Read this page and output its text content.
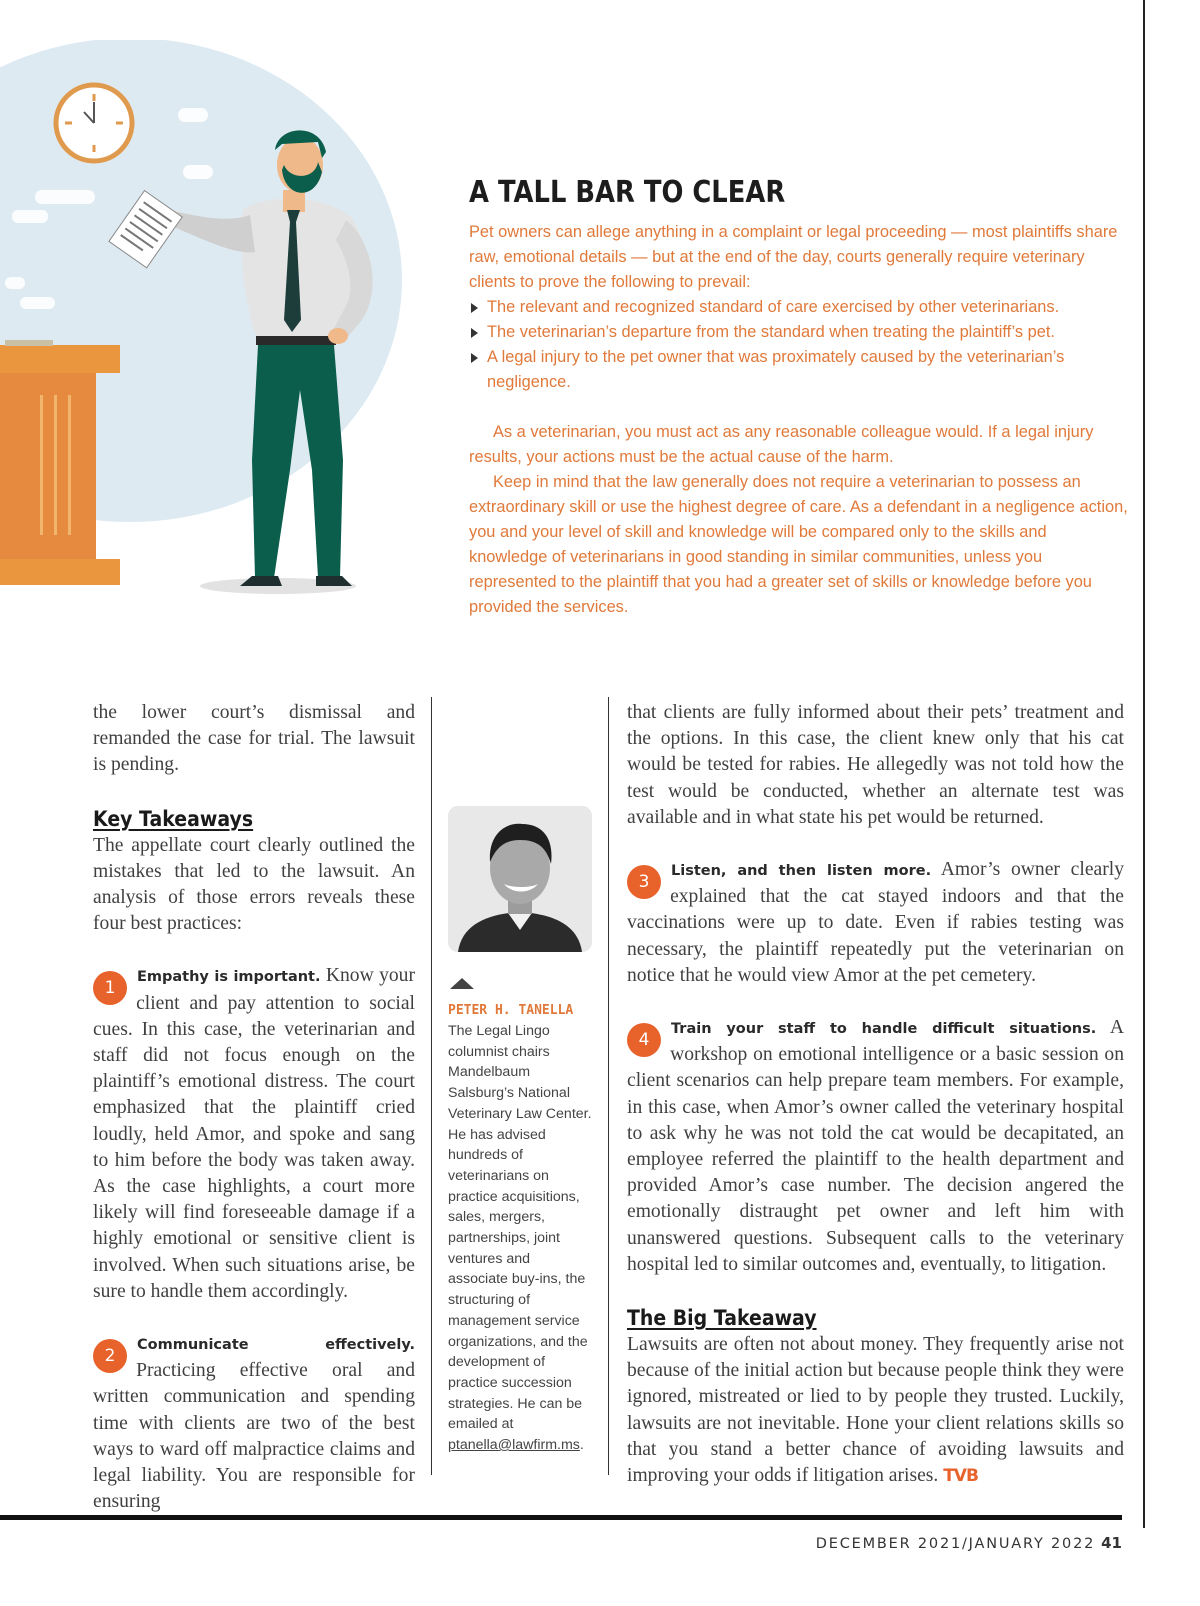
A TALL BAR TO CLEAR

Pet owners can allege anything in a complaint or legal proceeding — most plaintiffs share raw, emotional details — but at the end of the day, courts generally require veterinary clients to prove the following to prevail:

The relevant and recognized standard of care exercised by other veterinarians.
The veterinarian’s departure from the standard when treating the plaintiff’s pet.
A legal injury to the pet owner that was proximately caused by the veterinarian’s negligence.

As a veterinarian, you must act as any reasonable colleague would. If a legal injury results, your actions must be the actual cause of the harm.

Keep in mind that the law generally does not require a veterinarian to possess an extraordinary skill or use the highest degree of care. As a defendant in a negligence action, you and your level of skill and knowledge will be compared only to the skills and knowledge of veterinarians in good standing in similar communities, unless you represented to the plaintiff that you had a greater set of skills or knowledge before you provided the services.

the lower court’s dismissal and remanded the case for trial. The lawsuit is pending.

Key Takeaways

The appellate court clearly outlined the mistakes that led to the lawsuit. An analysis of those errors reveals these four best practices:

1
Empathy is important. Know your client and pay attention to social cues. In this case, the veterinarian and staff did not focus enough on the plaintiff’s emotional distress. The court emphasized that the plaintiff cried loudly, held Amor, and spoke and sang to him before the body was taken away. As the case highlights, a court more likely will find foreseeable damage if a highly emotional or sensitive client is involved. When such situations arise, be sure to handle them accordingly.

2
Communicate effectively. Practicing effective oral and written communication and spending time with clients are two of the best ways to ward off malpractice claims and legal liability. You are responsible for ensuring

PETER H. TANELLA
The Legal Lingo columnist chairs Mandelbaum Salsburg’s National Veterinary Law Center. He has advised hundreds of veterinarians on practice acquisitions, sales, mergers, partnerships, joint ventures and associate buy-ins, the structuring of management service organizations, and the development of practice succession strategies. He can be emailed at ptanella@lawfirm.ms.

that clients are fully informed about their pets’ treatment and the options. In this case, the client knew only that his cat would be tested for rabies. He allegedly was not told how the test would be conducted, whether an alternate test was available and in what state his pet would be returned.

3
Listen, and then listen more. Amor’s owner clearly explained that the cat stayed indoors and that the vaccinations were up to date. Even if rabies testing was necessary, the plaintiff repeatedly put the veterinarian on notice that he would view Amor at the pet cemetery.

4
Train your staff to handle difficult situations. A workshop on emotional intelligence or a basic session on client scenarios can help prepare team members. For example, in this case, when Amor’s owner called the veterinary hospital to ask why he was not told the cat would be decapitated, an employee referred the plaintiff to the health department and provided Amor’s case number. The decision angered the emotionally distraught pet owner and left him with unanswered questions. Subsequent calls to the veterinary hospital led to similar outcomes and, eventually, to litigation.

The Big Takeaway

Lawsuits are often not about money. They frequently arise not because of the initial action but because people think they were ignored, mistreated or lied to by people they trusted. Luckily, lawsuits are not inevitable. Hone your client relations skills so that you stand a better chance of avoiding lawsuits and improving your odds if litigation arises. TVB

DECEMBER 2021/JANUARY 2022 41
